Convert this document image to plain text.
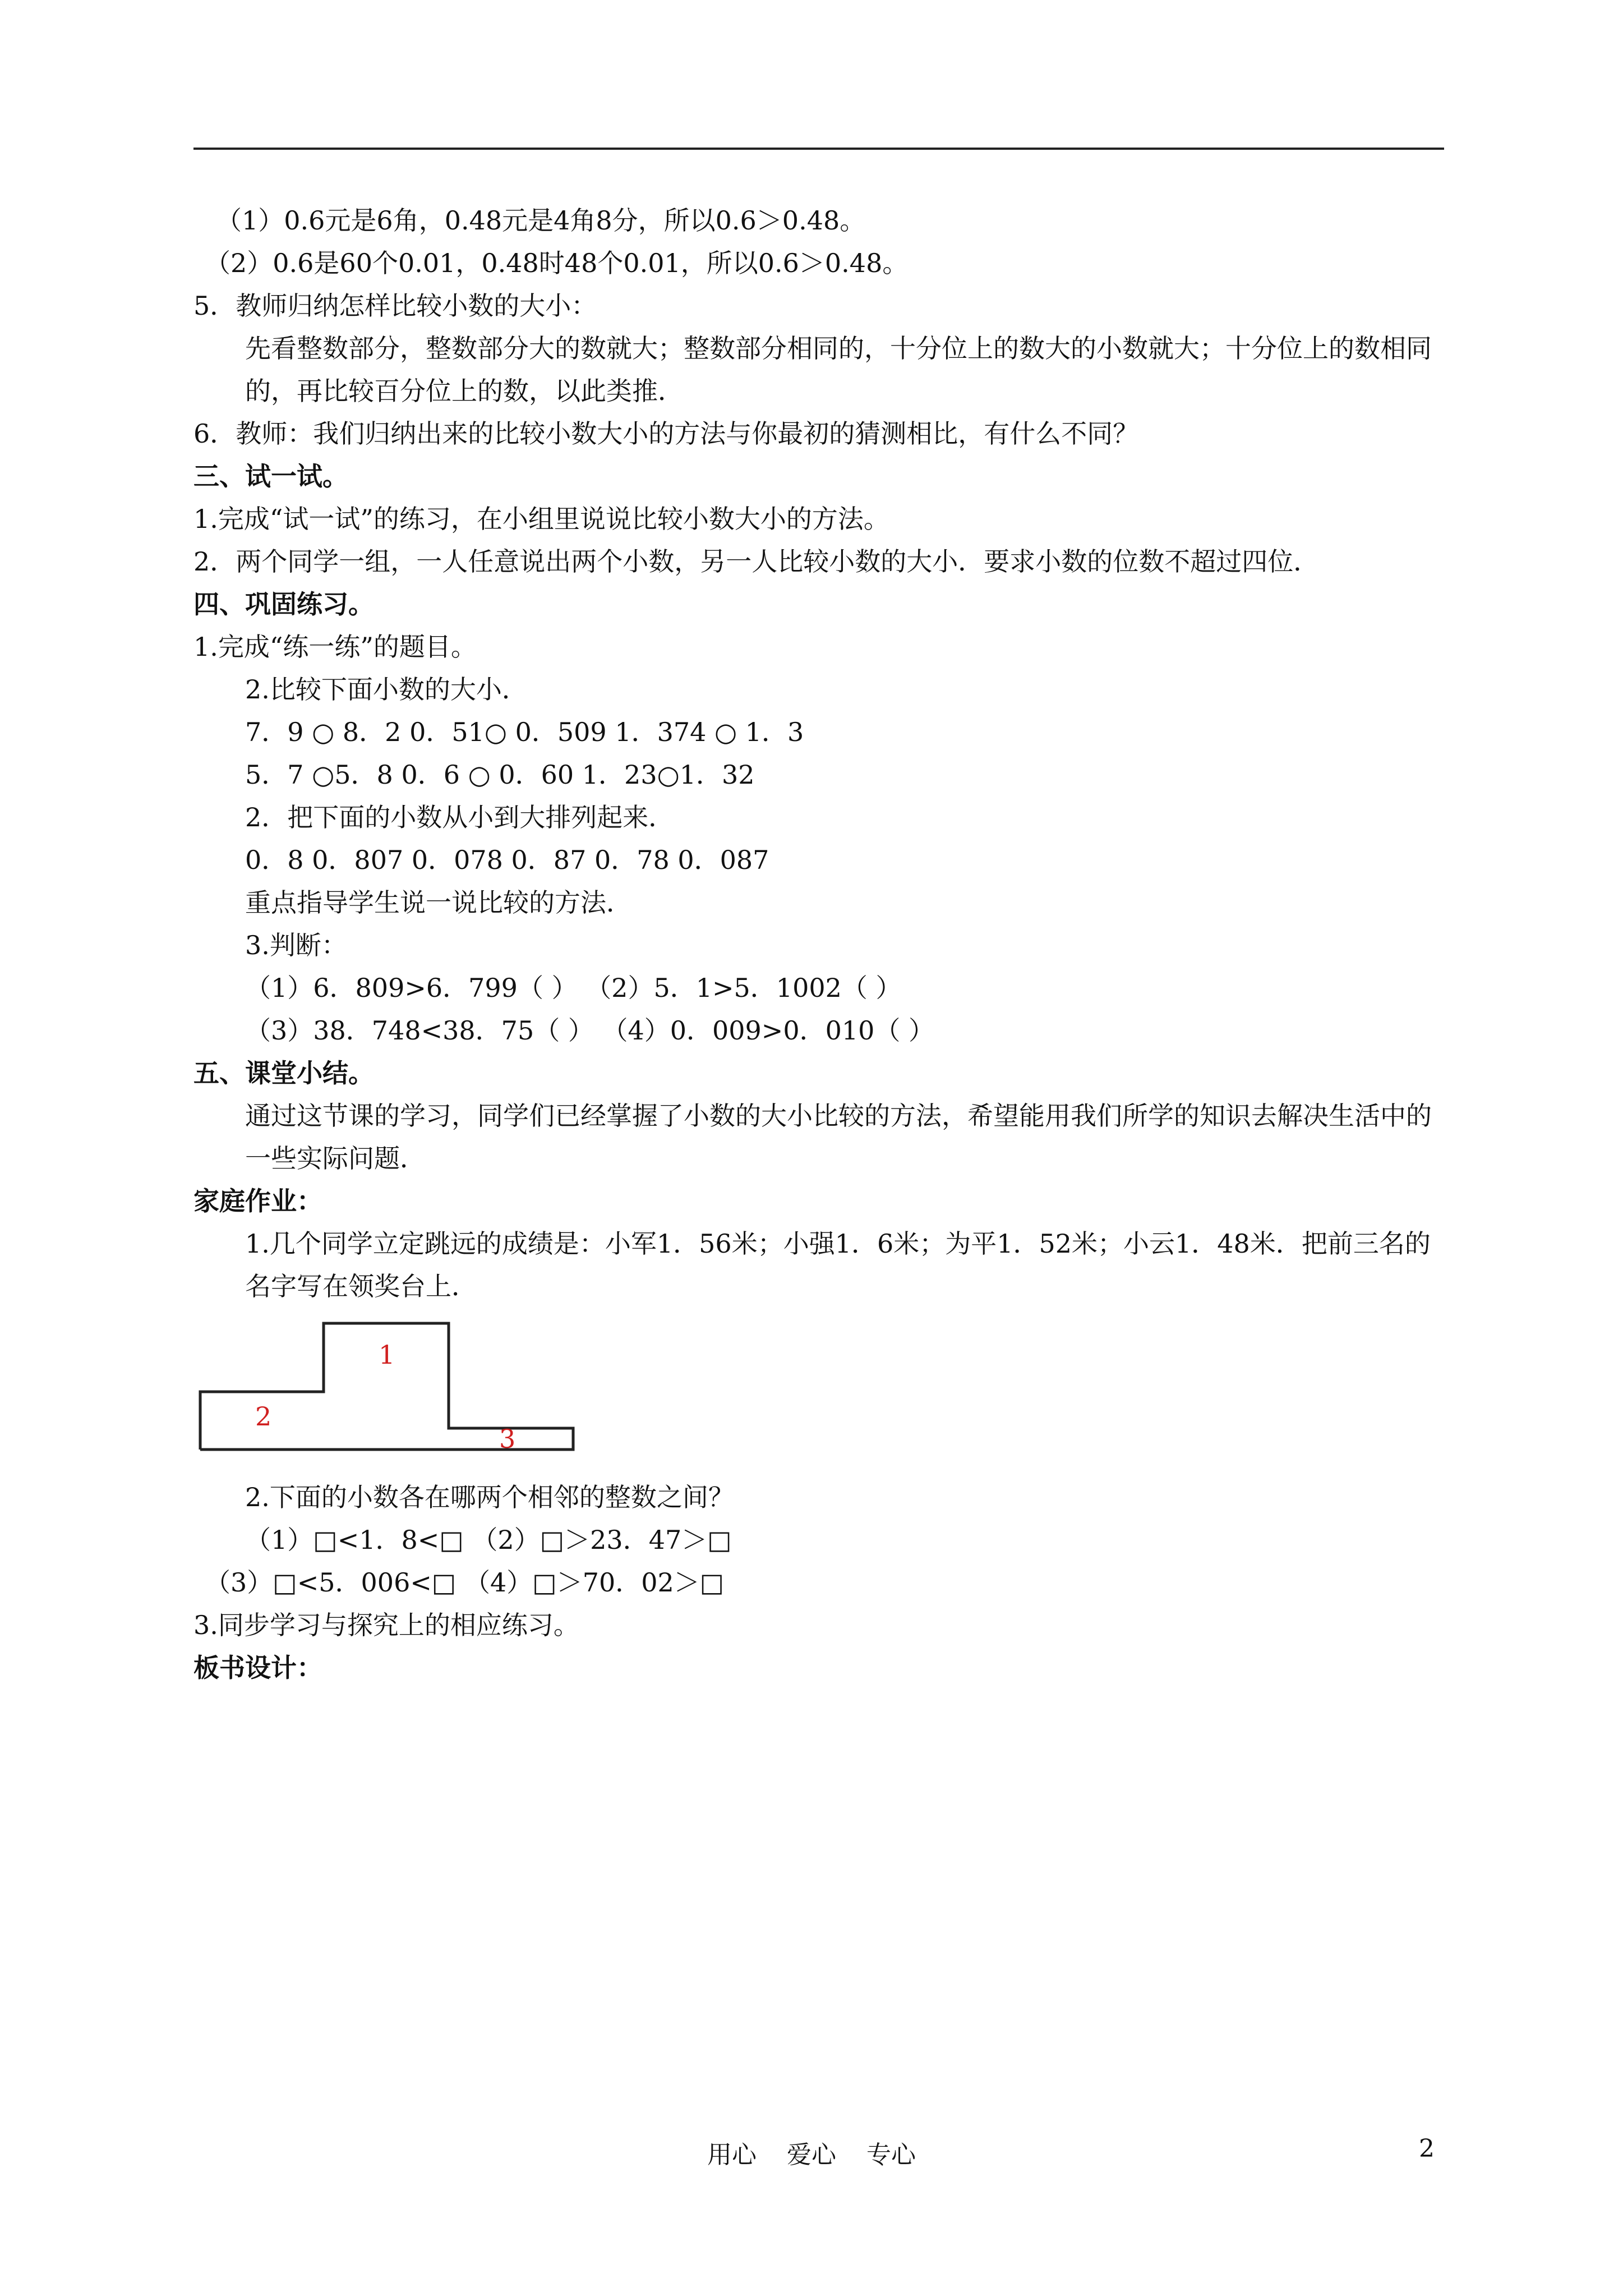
（1）0.6元是6角，0.48元是4角8分，所以0.6＞0.48。
（2）0.6是60个0.01，0.48时48个0.01，所以0.6＞0.48。
5．教师归纳怎样比较小数的大小：
先看整数部分，整数部分大的数就大；整数部分相同的，十分位上的数大的小数就大；十分位上的数相同的，再比较百分位上的数，以此类推．
6．教师：我们归纳出来的比较小数大小的方法与你最初的猜测相比，有什么不同？
三、试一试。
1.完成“试一试”的练习，在小组里说说比较小数大小的方法。
2．两个同学一组，一人任意说出两个小数，另一人比较小数的大小．要求小数的位数不超过四位．
四、巩固练习。
1.完成“练一练”的题目。
2.比较下面小数的大小．
7．9 ○ 8．2 0．51○ 0．509 1．374 ○ 1．3
5．7 ○5．8 0．6 ○ 0．60 1．23○1．32
2．把下面的小数从小到大排列起来．
0．8 0．807 0．078 0．87 0．78 0．087
重点指导学生说一说比较的方法．
3.判断：
（1）6．809>6．799（ ） （2）5．1>5．1002（ ）
（3）38．748<38．75（ ） （4）0．009>0．010（ ）
五、课堂小结。
通过这节课的学习，同学们已经掌握了小数的大小比较的方法，希望能用我们所学的知识去解决生活中的一些实际问题．
家庭作业：
1.几个同学立定跳远的成绩是：小军1．56米；小强1．6米；为平1．52米；小云1．48米．把前三名的名字写在领奖台上．
1
2
3
2.下面的小数各在哪两个相邻的整数之间？
（1）□<1．8<□ （2）□＞23．47＞□
（3）□<5．006<□ （4）□＞70．02＞□
3.同步学习与探究上的相应练习。
板书设计：
用心 爱心 专心	2
